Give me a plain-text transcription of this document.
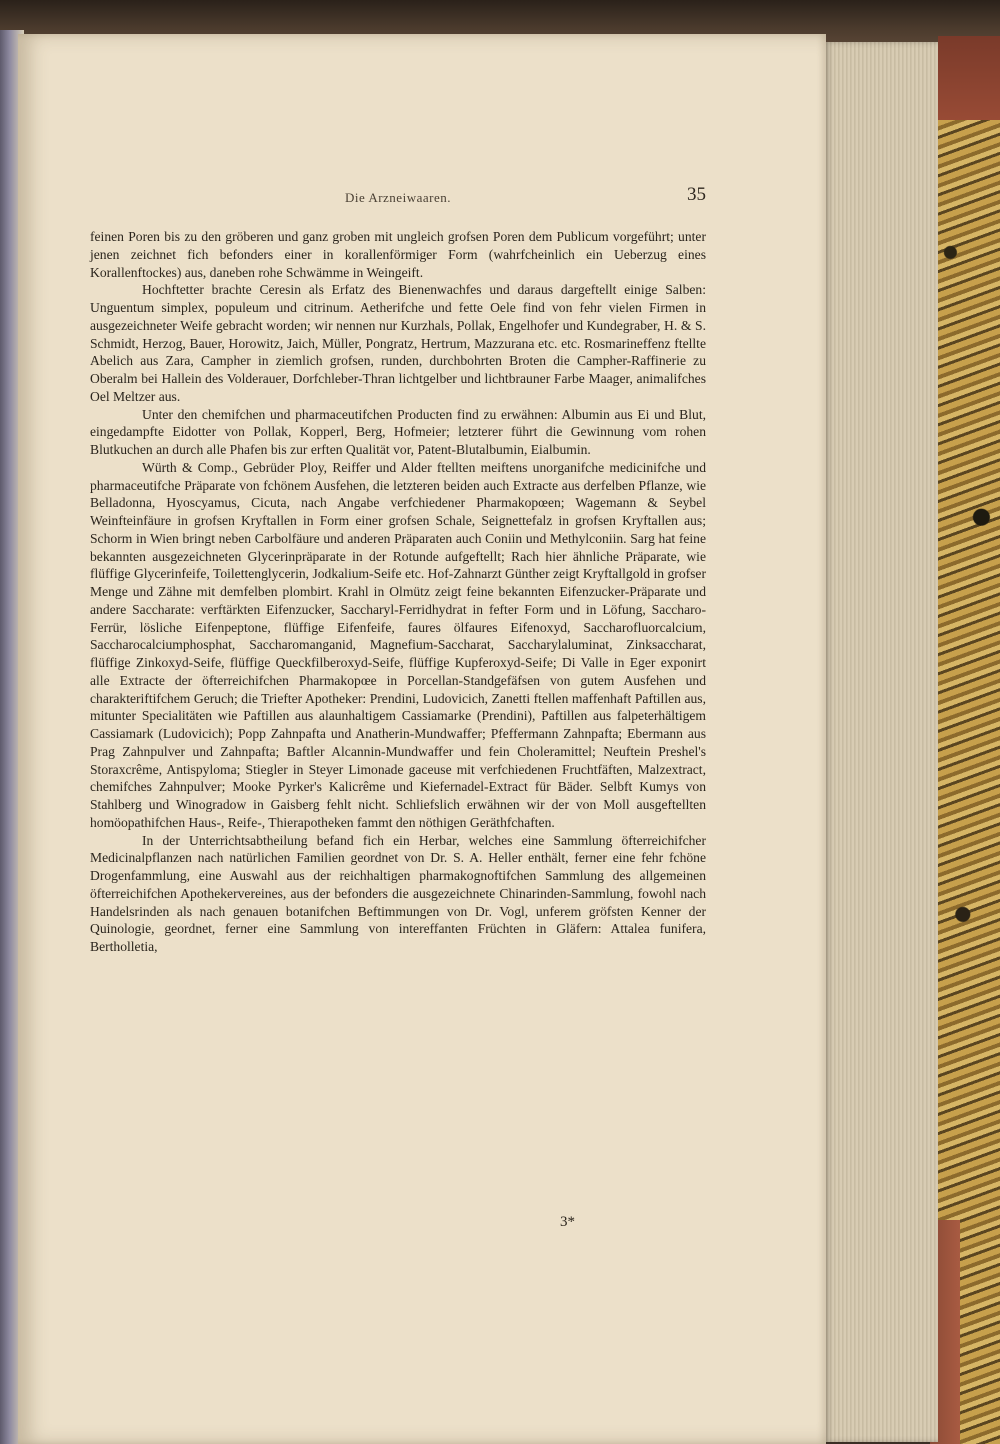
Die Arzneiwaaren.	35

feinen Poren bis zu den gröberen und ganz groben mit ungleich grofsen Poren dem Publicum vorgeführt; unter jenen zeichnet fich befonders einer in korallenförmiger Form (wahrfcheinlich ein Ueberzug eines Korallenftockes) aus, daneben rohe Schwämme in Weingeift.

Hochftetter brachte Ceresin als Erfatz des Bienenwachfes und daraus dargeftellt einige Salben: Unguentum simplex, populeum und citrinum. Aetherifche und fette Oele find von fehr vielen Firmen in ausgezeichneter Weife gebracht worden; wir nennen nur Kurzhals, Pollak, Engelhofer und Kundegraber, H. & S. Schmidt, Herzog, Bauer, Horowitz, Jaich, Müller, Pongratz, Hertrum, Mazzurana etc. etc. Rosmarineffenz ftellte Abelich aus Zara, Campher in ziemlich grofsen, runden, durchbohrten Broten die Campher-Raffinerie zu Oberalm bei Hallein des Volderauer, Dorfchleber-Thran lichtgelber und lichtbrauner Farbe Maager, animalifches Oel Meltzer aus.

Unter den chemifchen und pharmaceutifchen Producten find zu erwähnen: Albumin aus Ei und Blut, eingedampfte Eidotter von Pollak, Kopperl, Berg, Hofmeier; letzterer führt die Gewinnung vom rohen Blutkuchen an durch alle Phafen bis zur erften Qualität vor, Patent-Blutalbumin, Eialbumin.

Würth & Comp., Gebrüder Ploy, Reiffer und Alder ftellten meiftens unorganifche medicinifche und pharmaceutifche Präparate von fchönem Ausfehen, die letzteren beiden auch Extracte aus derfelben Pflanze, wie Belladonna, Hyoscyamus, Cicuta, nach Angabe verfchiedener Pharmakopœen; Wagemann & Seybel Weinfteinfäure in grofsen Kryftallen in Form einer grofsen Schale, Seignettefalz in grofsen Kryftallen aus; Schorm in Wien bringt neben Carbolfäure und anderen Präparaten auch Coniin und Methylconiin. Sarg hat feine bekannten ausgezeichneten Glycerinpräparate in der Rotunde aufgeftellt; Rach hier ähnliche Präparate, wie flüffige Glycerinfeife, Toilettenglycerin, Jodkalium-Seife etc. Hof-Zahnarzt Günther zeigt Kryftallgold in grofser Menge und Zähne mit demfelben plombirt. Krahl in Olmütz zeigt feine bekannten Eifenzucker-Präparate und andere Saccharate: verftärkten Eifenzucker, Saccharyl-Ferridhydrat in fefter Form und in Löfung, Saccharo-Ferrür, lösliche Eifenpeptone, flüffige Eifenfeife, faures ölfaures Eifenoxyd, Saccharofluorcalcium, Saccharocalciumphosphat, Saccharomanganid, Magnefium-Saccharat, Saccharylaluminat, Zinksaccharat, flüffige Zinkoxyd-Seife, flüffige Queckfilberoxyd-Seife, flüffige Kupferoxyd-Seife; Di Valle in Eger exponirt alle Extracte der öfterreichifchen Pharmakopœe in Porcellan-Standgefäfsen von gutem Ausfehen und charakteriftifchem Geruch; die Triefter Apotheker: Prendini, Ludovicich, Zanetti ftellen maffenhaft Paftillen aus, mitunter Specialitäten wie Paftillen aus alaunhaltigem Cassiamarke (Prendini), Paftillen aus falpeterhältigem Cassiamark (Ludovicich); Popp Zahnpafta und Anatherin-Mundwaffer; Pfeffermann Zahnpafta; Ebermann aus Prag Zahnpulver und Zahnpafta; Baftler Alcannin-Mundwaffer und fein Choleramittel; Neuftein Preshel's Storaxcrême, Antispyloma; Stiegler in Steyer Limonade gaceuse mit verfchiedenen Fruchtfäften, Malzextract, chemifches Zahnpulver; Mooke Pyrker's Kalicrême und Kiefernadel-Extract für Bäder. Selbft Kumys von Stahlberg und Winogradow in Gaisberg fehlt nicht. Schliefslich erwähnen wir der von Moll ausgeftellten homöopathifchen Haus-, Reife-, Thierapotheken fammt den nöthigen Geräthfchaften.

In der Unterrichtsabtheilung befand fich ein Herbar, welches eine Sammlung öfterreichifcher Medicinalpflanzen nach natürlichen Familien geordnet von Dr. S. A. Heller enthält, ferner eine fehr fchöne Drogenfammlung, eine Auswahl aus der reichhaltigen pharmakognoftifchen Sammlung des allgemeinen öfterreichifchen Apothekervereines, aus der befonders die ausgezeichnete Chinarinden-Sammlung, fowohl nach Handelsrinden als nach genauen botanifchen Beftimmungen von Dr. Vogl, unferem gröfsten Kenner der Quinologie, geordnet, ferner eine Sammlung von intereffanten Früchten in Gläfern: Attalea funifera, Bertholletia,

3*
